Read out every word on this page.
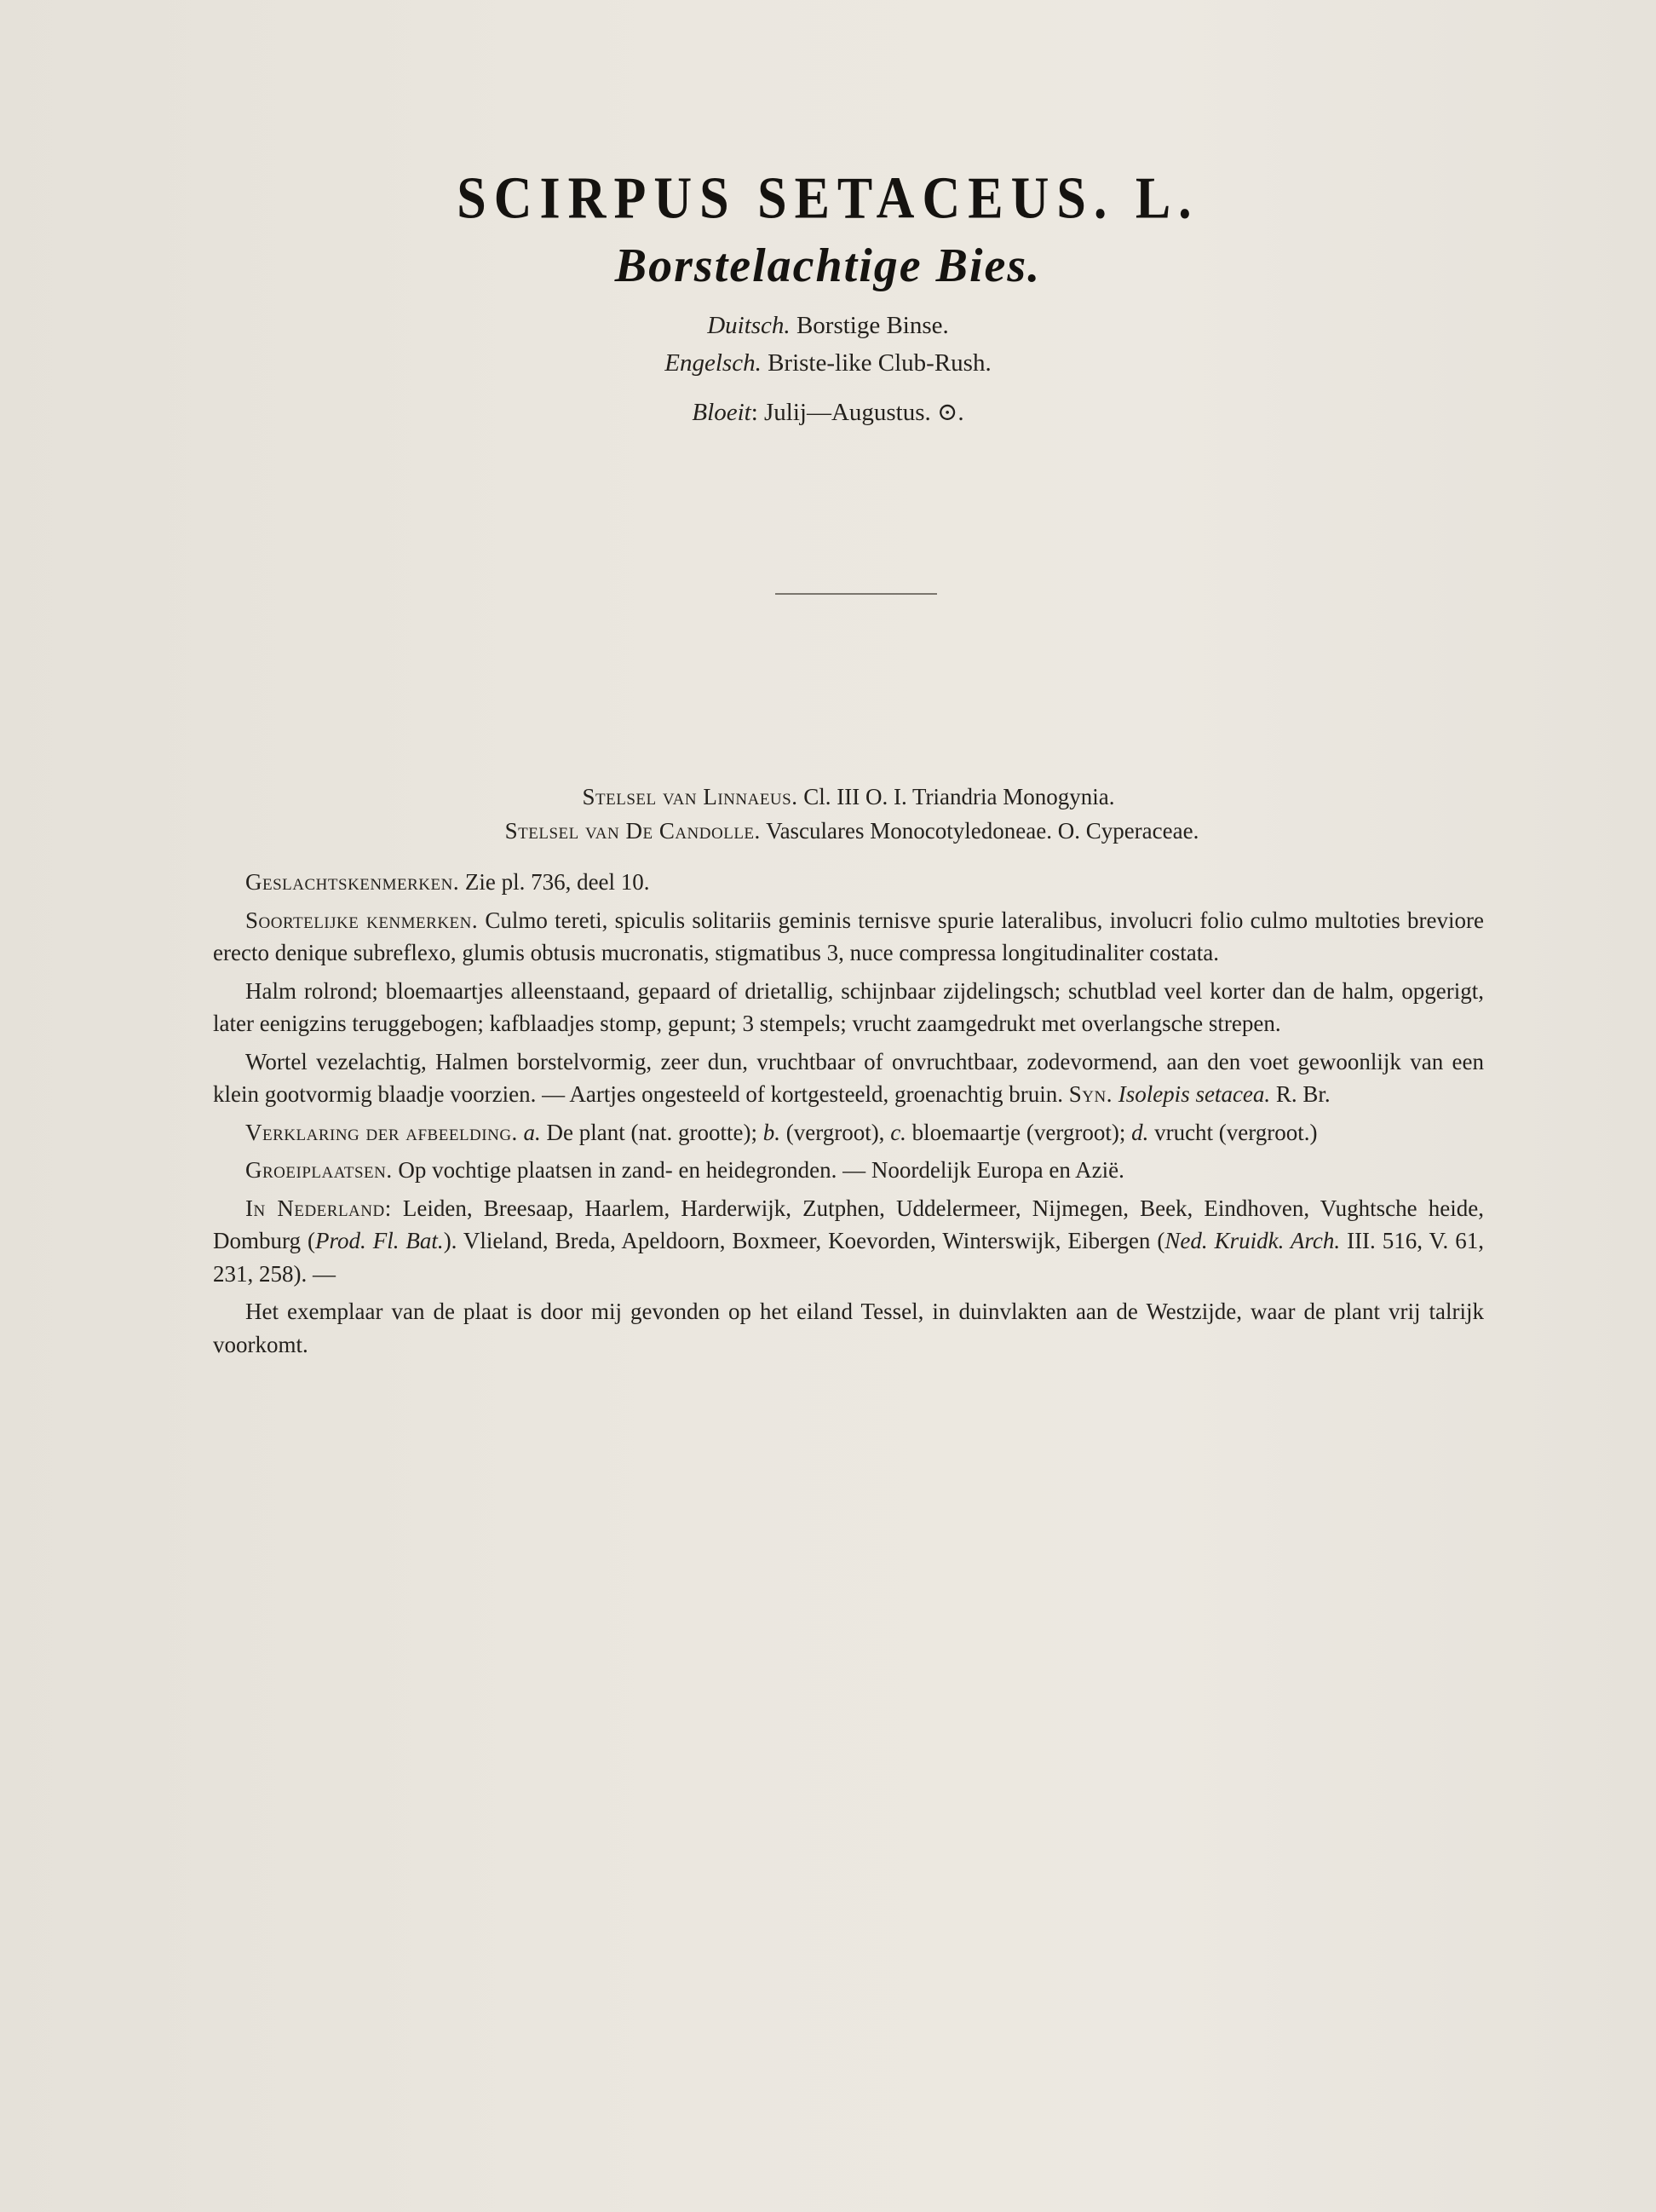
SCIRPUS SETACEUS. L.
Borstelachtige Bies.
Duitsch. Borstige Binse.
Engelsch. Briste-like Club-Rush.
Bloeit: Julij—Augustus. ⊙.
Stelsel van Linnaeus. Cl. III O. I. Triandria Monogynia.
Stelsel van De Candolle. Vasculares Monocotyledoneae. O. Cyperaceae.

Geslachtskenmerken. Zie pl. 736, deel 10.

Soortelijke kenmerken. Culmo tereti, spiculis solitariis geminis ternisve spurie lateralibus, involucri folio culmo multoties breviore erecto denique subreflexo, glumis obtusis mucronatis, stigmatibus 3, nuce compressa longitudinaliter costata.

Halm rolrond; bloemaartjes alleenstaand, gepaard of drietallig, schijnbaar zijdelingsch; schutblad veel korter dan de halm, opgerigt, later eenigzins teruggebogen; kafblaadjes stomp, gepunt; 3 stempels; vrucht zaamgedrukt met overlangsche strepen.

Wortel vezelachtig, Halmen borstelvormig, zeer dun, vruchtbaar of onvruchtbaar, zodevormend, aan den voet gewoonlijk van een klein gootvormig blaadje voorzien. — Aartjes ongesteeld of kortgesteeld, groenachtig bruin. Syn. Isolepis setacea. R. Br.

Verklaring der afbeelding. a. De plant (nat. grootte); b. (vergroot), c. bloemaartje (vergroot); d. vrucht (vergroot.)

Groeiplaatsen. Op vochtige plaatsen in zand- en heidegronden. — Noordelijk Europa en Azië.

In Nederland: Leiden, Breesaap, Haarlem, Harderwijk, Zutphen, Uddelermeer, Nijmegen, Beek, Eindhoven, Vughtsche heide, Domburg (Prod. Fl. Bat.). Vlieland, Breda, Apeldoorn, Boxmeer, Koevorden, Winterswijk, Eibergen (Ned. Kruidk. Arch. III. 516, V. 61, 231, 258). —

Het exemplaar van de plaat is door mij gevonden op het eiland Tessel, in duinvlakten aan de Westzijde, waar de plant vrij talrijk voorkomt.
